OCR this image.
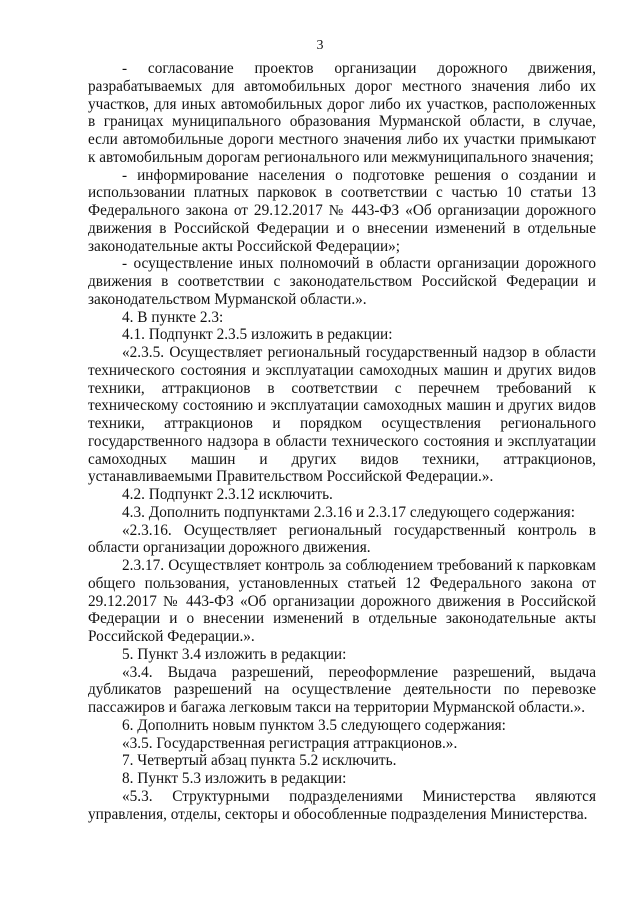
3

- согласование проектов организации дорожного движения, разрабатываемых для автомобильных дорог местного значения либо их участков, для иных автомобильных дорог либо их участков, расположенных в границах муниципального образования Мурманской области, в случае, если автомобильные дороги местного значения либо их участки примыкают к автомобильным дорогам регионального или межмуниципального значения;

- информирование населения о подготовке решения о создании и использовании платных парковок в соответствии с частью 10 статьи 13 Федерального закона от 29.12.2017 № 443-ФЗ «Об организации дорожного движения в Российской Федерации и о внесении изменений в отдельные законодательные акты Российской Федерации»;

- осуществление иных полномочий в области организации дорожного движения в соответствии с законодательством Российской Федерации и законодательством Мурманской области.».

4. В пункте 2.3:

4.1. Подпункт 2.3.5 изложить в редакции:

«2.3.5. Осуществляет региональный государственный надзор в области технического состояния и эксплуатации самоходных машин и других видов техники, аттракционов в соответствии с перечнем требований к техническому состоянию и эксплуатации самоходных машин и других видов техники, аттракционов и порядком осуществления регионального государственного надзора в области технического состояния и эксплуатации самоходных машин и других видов техники, аттракционов, устанавливаемыми Правительством Российской Федерации.».

4.2. Подпункт 2.3.12 исключить.

4.3. Дополнить подпунктами 2.3.16 и 2.3.17 следующего содержания:

«2.3.16. Осуществляет региональный государственный контроль в области организации дорожного движения.

2.3.17. Осуществляет контроль за соблюдением требований к парковкам общего пользования, установленных статьей 12 Федерального закона от 29.12.2017 № 443-ФЗ «Об организации дорожного движения в Российской Федерации и о внесении изменений в отдельные законодательные акты Российской Федерации.».

5. Пункт 3.4 изложить в редакции:

«3.4. Выдача разрешений, переоформление разрешений, выдача дубликатов разрешений на осуществление деятельности по перевозке пассажиров и багажа легковым такси на территории Мурманской области.».

6. Дополнить новым пунктом 3.5 следующего содержания:

«3.5. Государственная регистрация аттракционов.».

7. Четвертый абзац пункта 5.2 исключить.

8. Пункт 5.3 изложить в редакции:

«5.3. Структурными подразделениями Министерства являются управления, отделы, секторы и обособленные подразделения Министерства.
